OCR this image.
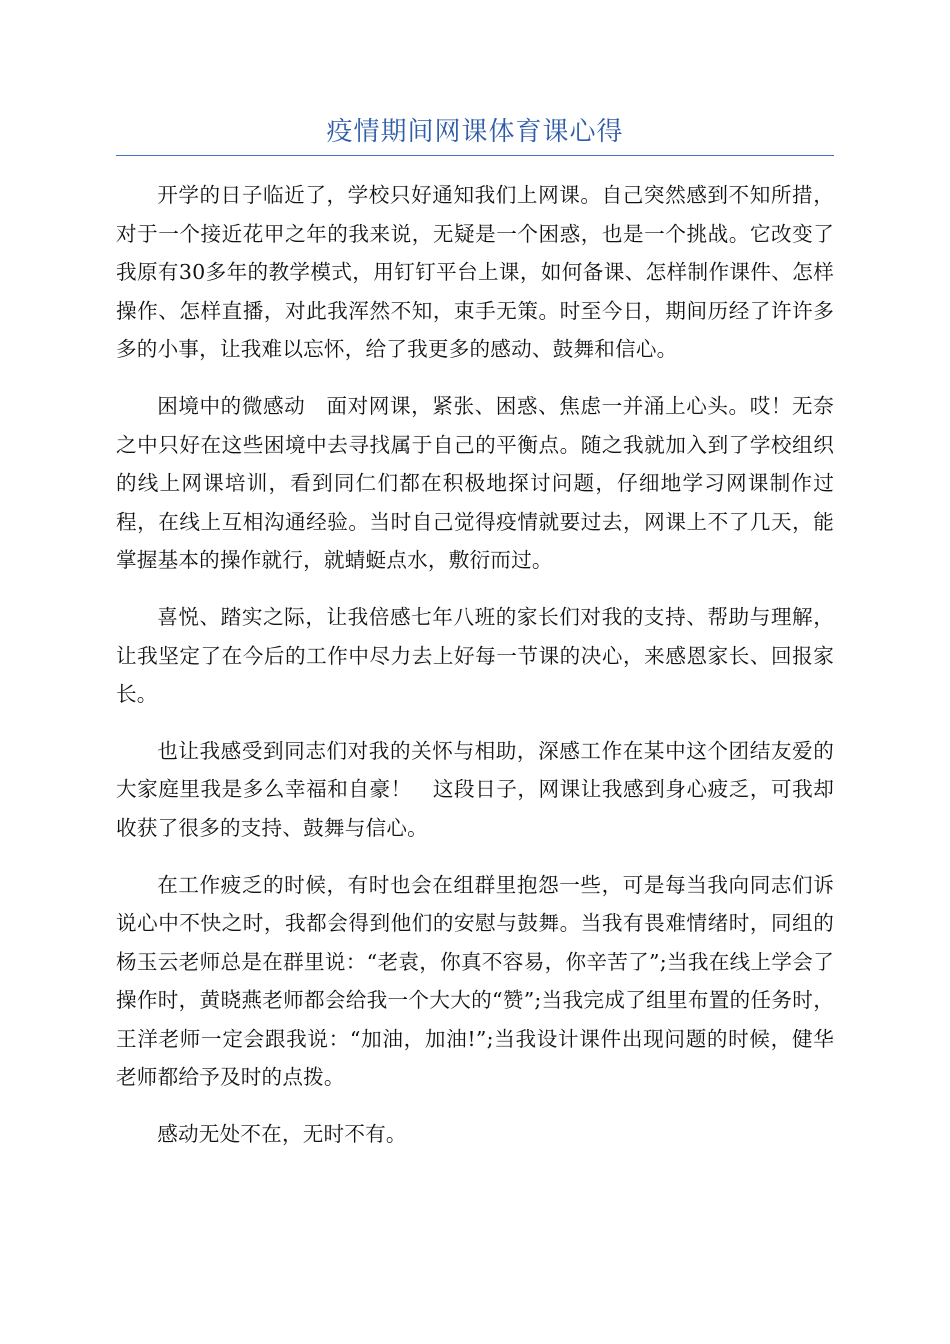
疫情期间网课体育课心得

开学的日子临近了，学校只好通知我们上网课。自己突然感到不知所措，对于一个接近花甲之年的我来说，无疑是一个困惑，也是一个挑战。它改变了我原有30多年的教学模式，用钉钉平台上课，如何备课、怎样制作课件、怎样操作、怎样直播，对此我浑然不知，束手无策。时至今日，期间历经了许许多多的小事，让我难以忘怀，给了我更多的感动、鼓舞和信心。

困境中的微感动　面对网课，紧张、困惑、焦虑一并涌上心头。哎！无奈之中只好在这些困境中去寻找属于自己的平衡点。随之我就加入到了学校组织的线上网课培训，看到同仁们都在积极地探讨问题，仔细地学习网课制作过程，在线上互相沟通经验。当时自己觉得疫情就要过去，网课上不了几天，能掌握基本的操作就行，就蜻蜓点水，敷衍而过。

喜悦、踏实之际，让我倍感七年八班的家长们对我的支持、帮助与理解，让我坚定了在今后的工作中尽力去上好每一节课的决心，来感恩家长、回报家长。

也让我感受到同志们对我的关怀与相助，深感工作在某中这个团结友爱的大家庭里我是多么幸福和自豪！　这段日子，网课让我感到身心疲乏，可我却收获了很多的支持、鼓舞与信心。

在工作疲乏的时候，有时也会在组群里抱怨一些，可是每当我向同志们诉说心中不快之时，我都会得到他们的安慰与鼓舞。当我有畏难情绪时，同组的杨玉云老师总是在群里说：“老袁，你真不容易，你辛苦了”;当我在线上学会了操作时，黄晓燕老师都会给我一个大大的“赞”;当我完成了组里布置的任务时，王洋老师一定会跟我说：“加油，加油!”;当我设计课件出现问题的时候，健华老师都给予及时的点拨。

感动无处不在，无时不有。
